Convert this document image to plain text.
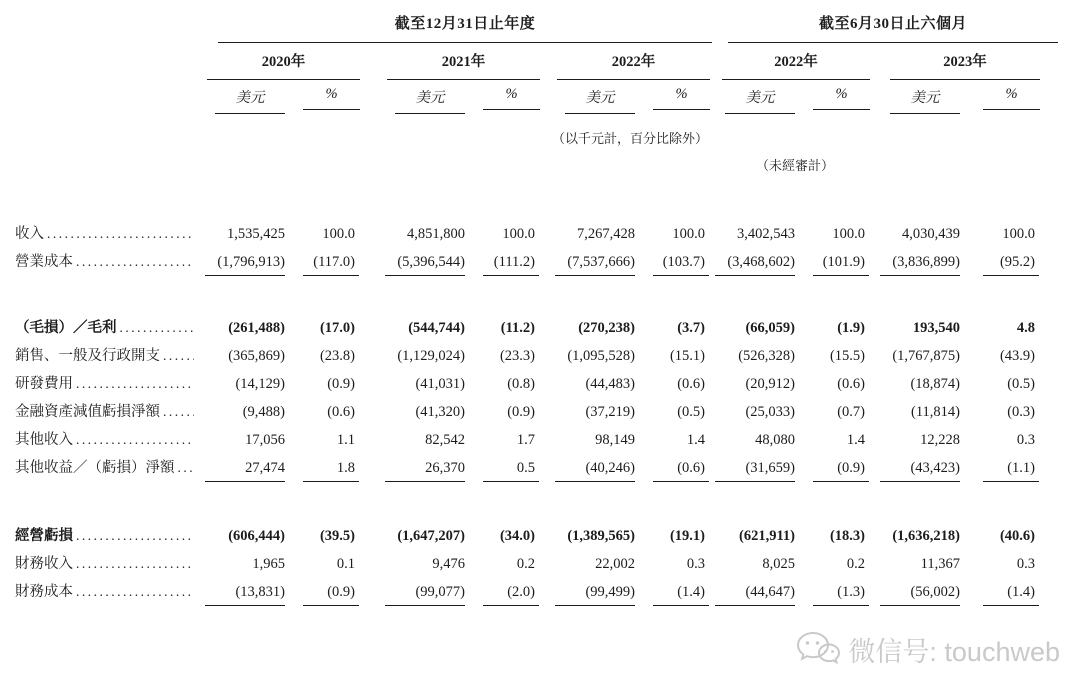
截至12月31日止年度	截至6月30日止六個月
2020年	2021年	2022年	2022年	2023年
美元	%	美元	%	美元	%	美元	%	美元	%
（以千元計，百分比除外）
（未經審計）
收入 .....	1,535,425	100.0	4,851,800	100.0	7,267,428	100.0	3,402,543	100.0	4,030,439	100.0
營業成本 .....	(1,796,913)	(117.0)	(5,396,544)	(111.2)	(7,537,666)	(103.7)	(3,468,602)	(101.9)	(3,836,899)	(95.2)
（毛損）／毛利 .....	(261,488)	(17.0)	(544,744)	(11.2)	(270,238)	(3.7)	(66,059)	(1.9)	193,540	4.8
銷售、一般及行政開支 .....	(365,869)	(23.8)	(1,129,024)	(23.3)	(1,095,528)	(15.1)	(526,328)	(15.5)	(1,767,875)	(43.9)
研發費用 .....	(14,129)	(0.9)	(41,031)	(0.8)	(44,483)	(0.6)	(20,912)	(0.6)	(18,874)	(0.5)
金融資產減值虧損淨額 .....	(9,488)	(0.6)	(41,320)	(0.9)	(37,219)	(0.5)	(25,033)	(0.7)	(11,814)	(0.3)
其他收入 .....	17,056	1.1	82,542	1.7	98,149	1.4	48,080	1.4	12,228	0.3
其他收益／（虧損）淨額 .....	27,474	1.8	26,370	0.5	(40,246)	(0.6)	(31,659)	(0.9)	(43,423)	(1.1)
經營虧損 .....	(606,444)	(39.5)	(1,647,207)	(34.0)	(1,389,565)	(19.1)	(621,911)	(18.3)	(1,636,218)	(40.6)
財務收入 .....	1,965	0.1	9,476	0.2	22,002	0.3	8,025	0.2	11,367	0.3
財務成本 .....	(13,831)	(0.9)	(99,077)	(2.0)	(99,499)	(1.4)	(44,647)	(1.3)	(56,002)	(1.4)
微信号: touchweb
